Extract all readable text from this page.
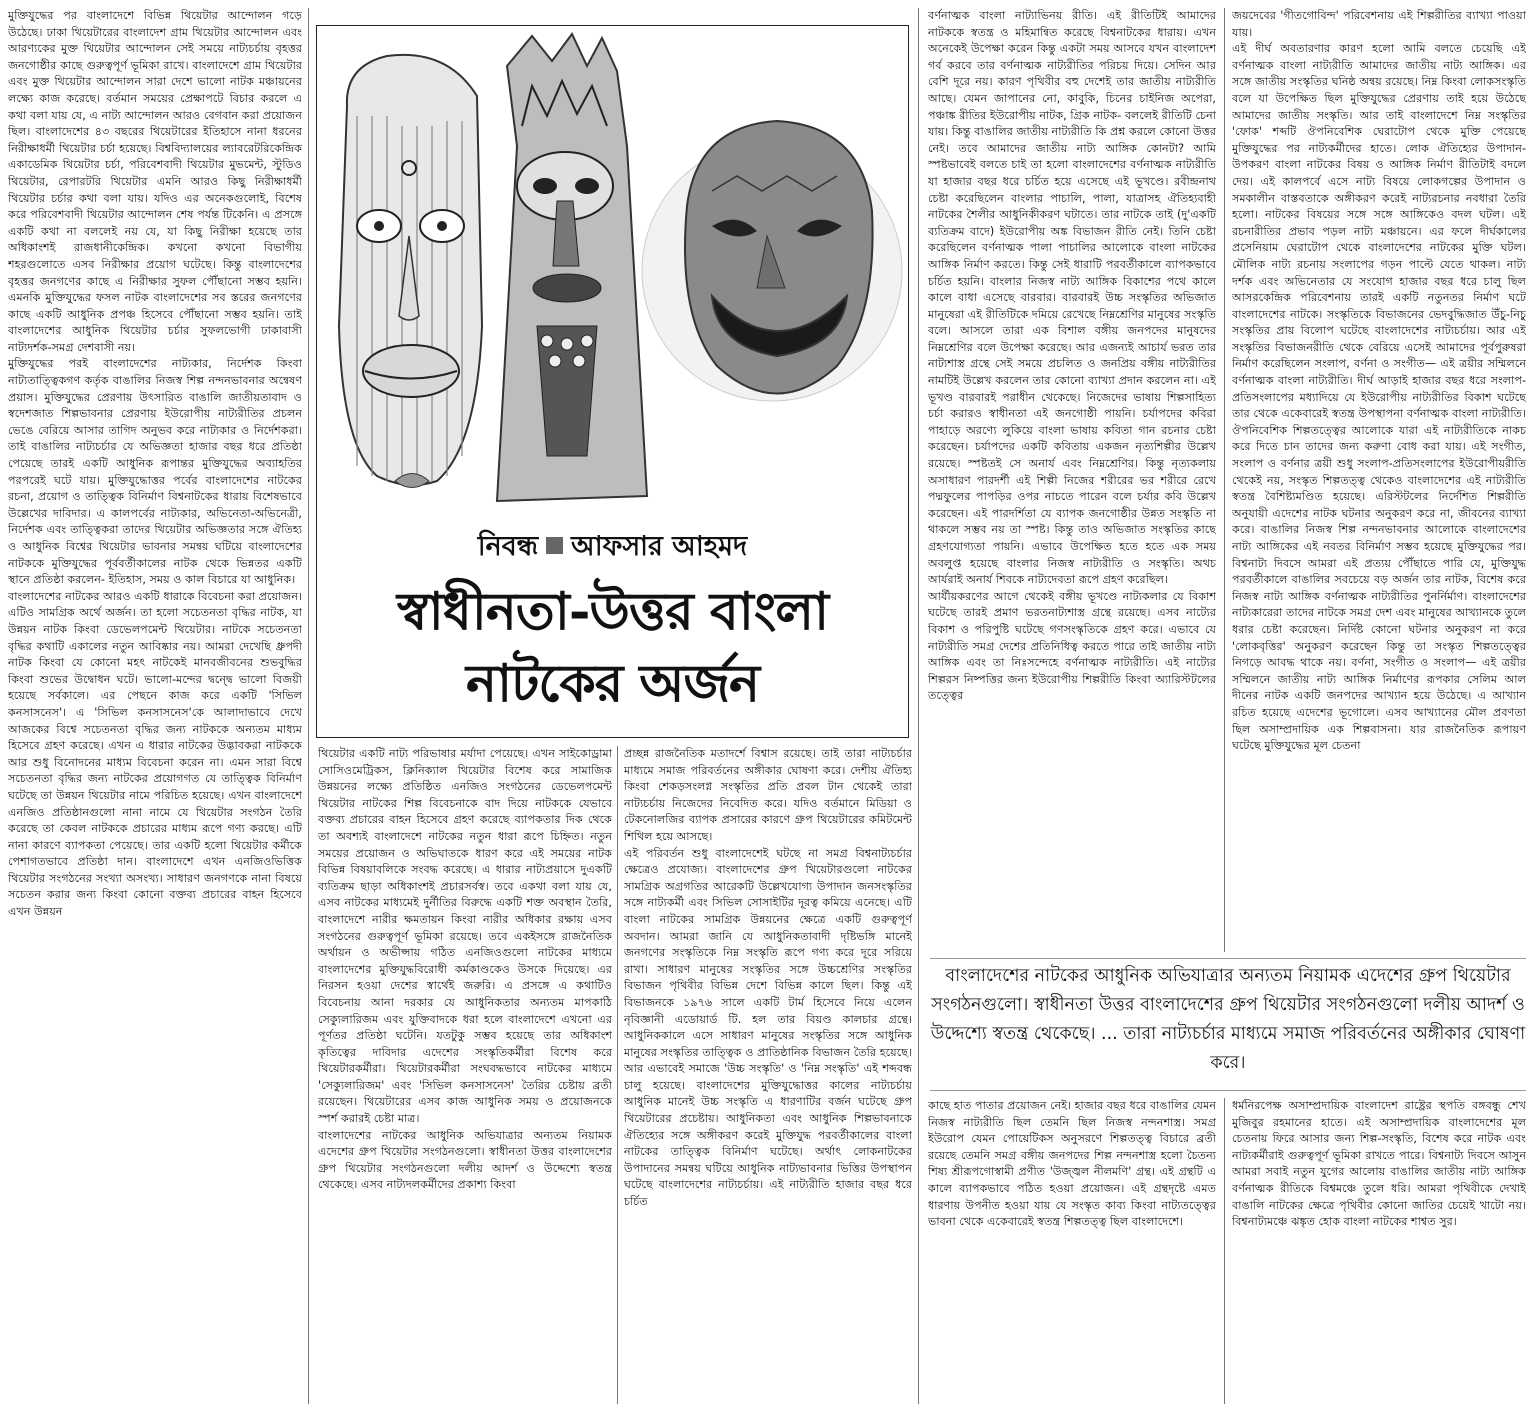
মুক্তিযুদ্ধের পর বাংলাদেশে বিভিন্ন থিয়েটার আন্দোলন গড়ে উঠেছে। ঢাকা থিয়েটারের বাংলাদেশ গ্রাম থিয়েটার আন্দোলন এবং আরণ্যকের মুক্ত থিয়েটার আন্দোলন সেই সময়ে নাট্যচর্চায় বৃহত্তর জনগোষ্ঠীর কাছে গুরুত্বপূর্ণ ভূমিকা রাখে। বাংলাদেশে গ্রাম থিয়েটার এবং মুক্ত থিয়েটার আন্দোলন সারা দেশে ভালো নাটক মঞ্চায়নের লক্ষ্যে কাজ করেছে। বর্তমান সময়ের প্রেক্ষাপটে বিচার করলে এ কথা বলা যায় যে, এ নাট্য আন্দোলন আরও বেগবান করা প্রয়োজন ছিল। বাংলাদেশের ৪৩ বছরের থিয়েটারের ইতিহাসে নানা ধরনের নিরীক্ষাধর্মী থিয়েটার চর্চা হয়েছে। বিশ্ববিদ্যালয়ের ল্যাবরেটরিকেন্দ্রিক একাডেমিক থিয়েটার চর্চা, পরিবেশবাদী থিয়েটার মুভমেন্ট, স্টুডিও থিয়েটার, রেপারটরি থিয়েটার এমনি আরও কিছু নিরীক্ষাধর্মী থিয়েটার চর্চার কথা বলা যায়। যদিও এর অনেকগুলোই, বিশেষ করে পরিবেশবাদী থিয়েটার আন্দোলন শেষ পর্যন্ত টিকেনি। এ প্রসঙ্গে একটি কথা না বললেই নয় যে, যা কিছু নিরীক্ষা হয়েছে তার অধিকাংশই রাজধানীকেন্দ্রিক। কখনো কখনো বিভাগীয় শহরগুলোতে এসব নিরীক্ষার প্রয়োগ ঘটেছে। কিন্তু বাংলাদেশের বৃহত্তর জনগণের কাছে এ নিরীক্ষার সুফল পৌঁছানো সম্ভব হয়নি। এমনকি মুক্তিযুদ্ধের ফসল নাটক বাংলাদেশের সব স্তরের জনগণের কাছে একটি আধুনিক প্রপঞ্চ হিসেবে পৌঁছানো সম্ভব হয়নি। তাই বাংলাদেশের আধুনিক থিয়েটার চর্চার সুফলভোগী ঢাকাবাসী নাট্যদর্শক-সমগ্র দেশবাসী নয়।

মুক্তিযুদ্ধের পরই বাংলাদেশের নাট্যকার, নির্দেশক কিংবা নাট্যতাত্ত্বিকগণ কর্তৃক বাঙালির নিজস্ব শিল্প নন্দনভাবনার অন্বেষণ প্রয়াস। মুক্তিযুদ্ধের প্রেরণায় উৎসারিত বাঙালি জাতীয়তাবাদ ও স্বদেশজাত শিল্পভাবনার প্রেরণায় ইউরোপীয় নাট্যরীতির প্রচলন ভেঙে বেরিয়ে আসার তাগিদ অনুভব করে নাট্যকার ও নির্দেশকরা। তাই বাঙালির নাট্যচর্চার যে অভিজ্ঞতা হাজার বছর ধরে প্রতিষ্ঠা পেয়েছে তারই একটি আধুনিক রূপান্তর মুক্তিযুদ্ধের অব্যাহতির পরপরেই ঘটে যায়। মুক্তিযুদ্ধোত্তর পর্বের বাংলাদেশের নাটকের রচনা, প্রয়োগ ও তাত্ত্বিক বিনির্মাণ বিশ্বনাটকের ধারায় বিশেষভাবে উল্লেখের দাবিদার। এ কালপর্বের নাট্যকার, অভিনেতা-অভিনেত্রী, নির্দেশক এবং তাত্ত্বিকরা তাদের থিয়েটার অভিজ্ঞতার সঙ্গে ঐতিহ্য ও আধুনিক বিশ্বের থিয়েটার ভাবনার সমন্বয় ঘটিয়ে বাংলাদেশের নাটককে মুক্তিযুদ্ধের পূর্ববর্তীকালের নাটক থেকে ভিন্নতর একটি স্থানে প্রতিষ্ঠা করলেন- ইতিহাস, সময় ও কাল বিচারে যা আধুনিক।

বাংলাদেশের নাটকের আরও একটি ধারাকে বিবেচনা করা প্রয়োজন। এটিও সামগ্রিক অর্থে অর্জন। তা হলো সচেতনতা বৃদ্ধির নাটক, যা উন্নয়ন নাটক কিংবা ডেভেলপমেন্ট থিয়েটার। নাটকে সচেতনতা বৃদ্ধির কথাটি একালের নতুন আবিষ্কার নয়। আমরা দেখেছি ধ্রুপদী নাটক কিংবা যে কোনো মহৎ নাটকেই মানবজীবনের শুভবুদ্ধির কিংবা শুভের উদ্বোধন ঘটে। ভালো-মন্দের দ্বন্দ্বে ভালো বিজয়ী হয়েছে সর্বকালে। এর পেছনে কাজ করে একটি 'সিভিল কনসাসনেস'। এ 'সিভিল কনসাসনেস'কে আলাদাভাবে দেখে আজকের বিশ্বে সচেতনতা বৃদ্ধির জন্য নাটককে অন্যতম মাধ্যম হিসেবে গ্রহণ করেছে। এখন এ ধারার নাটকের উদ্ভাবকরা নাটককে আর শুধু বিনোদনের মাধ্যম বিবেচনা করেন না। এমন সারা বিশ্বে সচেতনতা বৃদ্ধির জন্য নাটকের প্রয়োগগত যে তাত্ত্বিক বিনির্মাণ ঘটেছে তা উন্নয়ন থিয়েটার নামে পরিচিত হয়েছে। এখন বাংলাদেশে এনজিও প্রতিষ্ঠানগুলো নানা নামে যে থিয়েটার সংগঠন তৈরি করেছে তা কেবল নাটককে প্রচারের মাধ্যম রূপে গণ্য করছে। এটি নানা কারণে ব্যাপকতা পেয়েছে। তার একটি হলো থিয়েটার কর্মীকে পেশাগতভাবে প্রতিষ্ঠা দান। বাংলাদেশে এখন এনজিওভিত্তিক থিয়েটার সংগঠনের সংখ্যা অসংখ্য। সাধারণ জনগণকে নানা বিষয়ে সচেতন করার জন্য কিংবা কোনো বক্তব্য প্রচারের বাহন হিসেবে এখন উন্নয়ন

নিবন্ধ আফসার আহমদ
স্বাধীনতা-উত্তর বাংলা
নাটকের অর্জন

থিয়েটার একটি নাট্য পরিভাষার মর্যাদা পেয়েছে। এখন সাইকোড্রামা সোসিওমেট্রিকস, ক্লিনিক্যাল থিয়েটার বিশেষ করে সামাজিক উন্নয়নের লক্ষ্যে প্রতিষ্ঠিত এনজিও সংগঠনের ডেভেলপমেন্ট থিয়েটার নাটকের শিল্প বিবেচনাকে বাদ দিয়ে নাটককে যেভাবে বক্তব্য প্রচারের বাহন হিসেবে গ্রহণ করেছে ব্যাপকতার দিক থেকে তা অবশ্যই বাংলাদেশে নাটকের নতুন ধারা রূপে চিহ্নিত। নতুন সময়ের প্রয়োজন ও অভিঘাতকে ধারণ করে এই সময়ের নাটক বিভিন্ন বিষয়াবলিকে সংবদ্ধ করেছে। এ ধারার নাট্যপ্রয়াসে দুএকটি ব্যতিক্রম ছাড়া অধিকাংশই প্রচারসর্বস্ব। তবে একথা বলা যায় যে, এসব নাটকের মাধ্যমেই দুর্নীতির বিরুদ্ধে একটি শক্ত অবস্থান তৈরি, বাংলাদেশে নারীর ক্ষমতায়ন কিংবা নারীর অধিকার রক্ষায় এসব সংগঠনের গুরুত্বপূর্ণ ভূমিকা রয়েছে। তবে একইসঙ্গে রাজনৈতিক অর্থায়ন ও অভীপ্সায় গঠিত এনজিওগুলো নাটকের মাধ্যমে বাংলাদেশের মুক্তিযুদ্ধবিরোধী কর্মকাণ্ডকেও উসকে দিয়েছে। এর নিরসন হওয়া দেশের স্বার্থেই জরুরি। এ প্রসঙ্গে এ কথাটিও বিবেচনায় আনা দরকার যে আধুনিকতার অন্যতম মাপকাঠি সেক্যুলারিজম এবং যুক্তিবাদকে ধরা হলে বাংলাদেশে এখনো এর পূর্ণতর প্রতিষ্ঠা ঘটেনি। যতটুকু সম্ভব হয়েছে তার অধিকাংশ কৃতিত্বের দাবিদার এদেশের সংস্কৃতিকর্মীরা বিশেষ করে থিয়েটারকর্মীরা। থিয়েটারকর্মীরা সংঘবদ্ধভাবে নাটকের মাধ্যমে 'সেক্যুলারিজম' এবং 'সিভিল কনসাসনেস' তৈরির চেষ্টায় ব্রতী রয়েছেন। থিয়েটারের এসব কাজ আধুনিক সময় ও প্রয়োজনকে স্পর্শ করারই চেষ্টা মাত্র।

বাংলাদেশের নাটকের আধুনিক অভিযাত্রার অন্যতম নিয়ামক এদেশের গ্রুপ থিয়েটার সংগঠনগুলো। স্বাধীনতা উত্তর বাংলাদেশের গ্রুপ থিয়েটার সংগঠনগুলো দলীয় আদর্শ ও উদ্দেশ্যে স্বতন্ত্র থেকেছে। এসব নাট্যদলকর্মীদের প্রকাশ্য কিংবা

প্রচ্ছন্ন রাজনৈতিক মতাদর্শে বিশ্বাস রয়েছে। তাই তারা নাট্যচর্চার মাধ্যমে সমাজ পরিবর্তনের অঙ্গীকার ঘোষণা করে। দেশীয় ঐতিহ্য কিংবা শেকড়সংলগ্ন সংস্কৃতির প্রতি প্রবল টান থেকেই তারা নাট্যচর্চায় নিজেদের নিবেদিত করে। যদিও বর্তমানে মিডিয়া ও টেকনোলজির ব্যাপক প্রসারের কারণে গ্রুপ থিয়েটারের কমিটমেন্ট শিথিল হয়ে আসছে।

এই পরিবর্তন শুধু বাংলাদেশেই ঘটছে না সমগ্র বিশ্বনাট্যচর্চার ক্ষেত্রেও প্রযোজ্য। বাংলাদেশের গ্রুপ থিয়েটারগুলো নাটকের সামগ্রিক অগ্রগতির আরেকটি উল্লেখযোগ্য উপাদান জনসংস্কৃতির সঙ্গে নাট্যকর্মী এবং সিভিল সোসাইটির দূরত্ব কমিয়ে এনেছে। এটি বাংলা নাটকের সামগ্রিক উন্নয়নের ক্ষেত্রে একটি গুরুত্বপূর্ণ অবদান। আমরা জানি যে আধুনিকতাবাদী দৃষ্টিভঙ্গি মানেই জনগণের সংস্কৃতিকে নিম্ন সংস্কৃতি রূপে গণ্য করে দূরে সরিয়ে রাখা। সাধারণ মানুষের সংস্কৃতির সঙ্গে উচ্চশ্রেণির সংস্কৃতির বিভাজন পৃথিবীর বিভিন্ন দেশে বিভিন্ন কালে ছিল। কিন্তু এই বিভাজনকে ১৯৭৬ সালে একটি টার্ম হিসেবে নিয়ে এলেন নৃবিজ্ঞানী এডোয়ার্ড টি. হল তার বিয়ণ্ড কালচার গ্রন্থে। আধুনিককালে এসে সাধারণ মানুষের সংস্কৃতির সঙ্গে আধুনিক মানুষের সংস্কৃতির তাত্ত্বিক ও প্রাতিষ্ঠানিক বিভাজন তৈরি হয়েছে। আর এভাবেই সমাজে 'উচ্চ সংস্কৃতি' ও 'নিম্ন সংস্কৃতি' এই শব্দবন্ধ চালু হয়েছে। বাংলাদেশের মুক্তিযুদ্ধোত্তর কালের নাট্যচর্চায় আধুনিক মানেই উচ্চ সংস্কৃতি এ ধারণাটির বর্জন ঘটেছে গ্রুপ থিয়েটারের প্রচেষ্টায়। আধুনিকতা এবং আধুনিক শিল্পভাবনাকে ঐতিহ্যের সঙ্গে অঙ্গীকরণ করেই মুক্তিযুদ্ধ পরবর্তীকালের বাংলা নাটকের তাত্ত্বিক বিনির্মাণ ঘটেছে। অর্থাৎ লোকনাটকের উপাদানের সমন্বয় ঘটিয়ে আধুনিক নাট্যভাবনার ভিত্তির উপস্থাপন ঘটেছে বাংলাদেশের নাট্যচর্চায়। এই নাট্যরীতি হাজার বছর ধরে চর্চিত

বর্ণনাত্মক বাংলা নাট্যাভিনয় রীতি। এই রীতিটিই আমাদের নাটককে স্বতন্ত্র ও মহিমান্বিত করেছে বিশ্বনাটকের ধারায়। এখন অনেকেই উপেক্ষা করেন কিন্তু একটা সময় আসবে যখন বাংলাদেশ গর্ব করবে তার বর্ণনাত্মক নাট্যরীতির পরিচয় দিয়ে। সেদিন আর বেশি দূরে নয়। কারণ পৃথিবীর বহু দেশেই তার জাতীয় নাট্যরীতি আছে। যেমন জাপানের নো, কাবুকি, চিনের চাইনিজ অপেরা, পঞ্চাঙ্ক রীতির ইউরোপীয় নাটক, গ্রিক নাটক- বললেই রীতিটি চেনা যায়। কিন্তু বাঙালির জাতীয় নাট্যরীতি কি প্রশ্ন করলে কোনো উত্তর নেই। তবে আমাদের জাতীয় নাট্য আঙ্গিক কোনটা? আমি স্পষ্টভাবেই বলতে চাই তা হলো বাংলাদেশের বর্ণনাত্মক নাট্যরীতি যা হাজার বছর ধরে চর্চিত হয়ে এসেছে এই ভূখণ্ডে। রবীন্দ্রনাথ চেষ্টা করেছিলেন বাংলার পাচালি, পালা, যাত্রাসহ ঐতিহ্যবাহী নাটকের শৈলীর আধুনিকীকরণ ঘটাতে। তার নাটকে তাই (দু'একটি ব্যতিক্রম বাদে) ইউরোপীয় অঙ্ক বিভাজন রীতি নেই। তিনি চেষ্টা করেছিলেন বর্ণনাত্মক পালা পাচালির আলোকে বাংলা নাটকের আঙ্গিক নির্মাণ করতে। কিন্তু সেই ধারাটি পরবর্তীকালে ব্যাপকভাবে চর্চিত হয়নি। বাংলার নিজস্ব নাট্য আঙ্গিক বিকাশের পথে কালে কালে বাধা এসেছে বারবার। বারবারই উচ্চ সংস্কৃতির অভিজাত মানুষেরা এই রীতিটিকে দমিয়ে রেখেছে নিম্নশ্রেণির মানুষের সংস্কৃতি বলে। আসলে তারা এক বিশাল বঙ্গীয় জনপদের মানুষদের নিম্নশ্রেণির বলে উপেক্ষা করেছে। আর এজন্যই আচার্য ভরত তার নাট্যশাস্ত্র গ্রন্থে সেই সময়ে প্রচলিত ও জনপ্রিয় বঙ্গীয় নাট্যরীতির নামটিই উল্লেখ করলেন তার কোনো ব্যাখ্যা প্রদান করলেন না। এই ভূখণ্ড বারবারই পরাধীন থেকেছে। নিজেদের ভাষায় শিল্পসাহিত্য চর্চা করারও স্বাধীনতা এই জনগোষ্ঠী পায়নি। চর্যাপদের কবিরা পাহাড়ে অরণ্যে লুকিয়ে বাংলা ভাষায় কবিতা গান রচনার চেষ্টা করেছেন। চর্যাপদের একটি কবিতায় একজন নৃত্যশিল্পীর উল্লেখ রয়েছে। স্পষ্টতই সে অনার্য এবং নিম্নশ্রেণির। কিন্তু নৃত্যকলায় অসাধারণ পারদর্শী এই শিল্পী নিজের শরীরের ভর শরীরে রেখে পদ্মফুলের পাপড়ির ওপর নাচতে পারেন বলে চর্যার কবি উল্লেখ করেছেন। এই পারদর্শিতা যে ব্যাপক জনগোষ্ঠীর উন্নত সংস্কৃতি না থাকলে সম্ভব নয় তা স্পষ্ট। কিন্তু তাও অভিজাত সংস্কৃতির কাছে গ্রহণযোগ্যতা পায়নি। এভাবে উপেক্ষিত হতে হতে এক সময় অবলুপ্ত হয়েছে বাংলার নিজস্ব নাট্যরীতি ও সংস্কৃতি। অথচ আর্যরাই অনার্য শিবকে নাট্যদেবতা রূপে গ্রহণ করেছিল।

আর্যীয়করণের আগে থেকেই বঙ্গীয় ভূখণ্ডে নাট্যকলার যে বিকাশ ঘটেছে তারই প্রমাণ ভরতনাট্যশাস্ত্র গ্রন্থে রয়েছে। এসব নাট্যের বিকাশ ও পরিপুষ্টি ঘটেছে গণসংস্কৃতিকে গ্রহণ করে। এভাবে যে নাট্যরীতি সমগ্র দেশের প্রতিনিধিত্ব করতে পারে তাই জাতীয় নাট্য আঙ্গিক এবং তা নিঃসন্দেহে বর্ণনাত্মক নাট্যরীতি। এই নাট্যের শিল্পরস নিষ্পত্তির জন্য ইউরোপীয় শিল্পরীতি কিংবা অ্যারিস্টটলের তত্ত্বের

জয়দেবের 'গীতগোবিন্দ' পরিবেশনায় এই শিল্পরীতির ব্যাখ্যা পাওয়া যায়।

এই দীর্ঘ অবতারণার কারণ হলো আমি বলতে চেয়েছি এই বর্ণনাত্মক বাংলা নাট্যরীতি আমাদের জাতীয় নাট্য আঙ্গিক। এর সঙ্গে জাতীয় সংস্কৃতির ঘনিষ্ঠ অন্বয় রয়েছে। নিম্ন কিংবা লোকসংস্কৃতি বলে যা উপেক্ষিত ছিল মুক্তিযুদ্ধের প্রেরণায় তাই হয়ে উঠেছে আমাদের জাতীয় সংস্কৃতি। আর তাই বাংলাদেশে নিম্ন সংস্কৃতির 'ফোক' শব্দটি ঔপনিবেশিক ঘেরাটোপ থেকে মুক্তি পেয়েছে মুক্তিযুদ্ধের পর নাট্যকর্মীদের হাতে। লোক ঐতিহ্যের উপাদান-উপকরণ বাংলা নাটকের বিষয় ও আঙ্গিক নির্মাণ রীতিটাই বদলে দেয়। এই কালপর্বে এসে নাট্য বিষয়ে লোকগল্পের উপাদান ও সমকালীন বাস্তবতাকে অঙ্গীকরণ করেই নাট্যরচনার নবধারা তৈরি হলো। নাটকের বিষয়ের সঙ্গে সঙ্গে আঙ্গিকেও বদল ঘটল। এই রচনারীতির প্রভাব পড়ল নাট্য মঞ্চায়নে। এর ফলে দীর্ঘকালের প্রসেনিয়াম ঘেরাটোপ থেকে বাংলাদেশের নাটকের মুক্তি ঘটল। মৌলিক নাট্য রচনায় সংলাপের গড়ন পাল্টে যেতে থাকল। নাট্য দর্শক এবং অভিনেতার যে সংযোগ হাজার বছর ধরে চালু ছিল আসরকেন্দ্রিক পরিবেশনায় তারই একটি নতুনতর নির্মাণ ঘটে বাংলাদেশের নাটকে। সংস্কৃতিকে বিভাজনের ভেদবুদ্ধিজাত উঁচু-নিচু সংস্কৃতির প্রায় বিলোপ ঘটেছে বাংলাদেশের নাট্যচর্চায়। আর এই সংস্কৃতির বিভাজনরীতি থেকে বেরিয়ে এসেই আমাদের পূর্বপুরুষরা নির্মাণ করেছিলেন সংলাপ, বর্ণনা ও সংগীত— এই ত্রয়ীর সম্মিলনে বর্ণনাত্মক বাংলা নাট্যরীতি। দীর্ঘ আড়াই হাজার বছর ধরে সংলাপ-প্রতিসংলাপের মধ্যাদিয়ে যে ইউরোপীয় নাট্যরীতির বিকাশ ঘটেছে তার থেকে একেবারেই স্বতন্ত্র উপস্থাপনা বর্ণনাত্মক বাংলা নাট্যরীতি। ঔপনিবেশিক শিল্পতত্ত্বের আলোকে যারা এই নাট্যরীতিকে নাকচ করে দিতে চান তাদের জন্য করুণা বোধ করা যায়। এই সংগীত, সংলাপ ও বর্ণনার ত্রয়ী শুধু সংলাপ-প্রতিসংলাপের ইউরোপীয়রীতি থেকেই নয়, সংস্কৃত শিল্পতত্ত্ব থেকেও বাংলাদেশের এই নাট্যরীতি স্বতন্ত্র বৈশিষ্ট্যমণ্ডিত হয়েছে। এরিস্টটলের নির্দেশিত শিল্পরীতি অনুযায়ী এদেশের নাটক ঘটনার অনুকরণ করে না, জীবনের ব্যাখ্যা করে। বাঙালির নিজস্ব শিল্প নন্দনভাবনার আলোকে বাংলাদেশের নাট্য আঙ্গিকের এই নবতর বিনির্মাণ সম্ভব হয়েছে মুক্তিযুদ্ধের পর। বিশ্বনাট্য দিবসে আমরা এই প্রত্যয় পৌঁছাতে পারি যে, মুক্তিযুদ্ধ পরবর্তীকালে বাঙালির সবচেয়ে বড় অর্জন তার নাটক, বিশেষ করে নিজস্ব নাট্য আঙ্গিক বর্ণনাত্মক নাট্যরীতির পুনর্নির্মাণ। বাংলাদেশের নাট্যকারেরা তাদের নাটকে সমগ্র দেশ এবং মানুষের আখ্যানকে তুলে ধরার চেষ্টা করেছেন। নির্দিষ্ট কোনো ঘটনার অনুকরণ না করে 'লোকবৃত্তির' অনুকরণ করেছেন কিন্তু তা সংস্কৃত শিল্পতত্ত্বের নিগড়ে আবদ্ধ থাকে নয়। বর্ণনা, সংগীত ও সংলাপ— এই ত্রয়ীর সম্মিলনে জাতীয় নাট্য আঙ্গিক নির্মাণের রূপকার সেলিম আল দীনের নাটক একটি জনপদের আখ্যান হয়ে উঠেছে। এ আখ্যান রচিত হয়েছে এদেশের ভূগোলে। এসব আখ্যানের মৌল প্রবণতা ছিল অসাম্প্রদায়িক এক শিল্পবাসনা। যার রাজনৈতিক রূপায়ণ ঘটেছে মুক্তিযুদ্ধের মূল চেতনা

বাংলাদেশের নাটকের আধুনিক অভিযাত্রার অন্যতম নিয়ামক এদেশের গ্রুপ থিয়েটার সংগঠনগুলো। স্বাধীনতা উত্তর বাংলাদেশের গ্রুপ থিয়েটার সংগঠনগুলো দলীয় আদর্শ ও উদ্দেশ্যে স্বতন্ত্র থেকেছে। ... তারা নাট্যচর্চার মাধ্যমে সমাজ পরিবর্তনের অঙ্গীকার ঘোষণা করে।

কাছে হাত পাতার প্রয়োজন নেই। হাজার বছর ধরে বাঙালির যেমন নিজস্ব নাট্যরীতি ছিল তেমনি ছিল নিজস্ব নন্দনশাস্ত্র। সমগ্র ইউরোপ যেমন পোয়েটিকস অনুসরণে শিল্পতত্ত্ব বিচারে ব্রতী রয়েছে তেমনি সমগ্র বঙ্গীয় জনপদের শিল্প নন্দনশাস্ত্র হলো চৈতন্য শিষ্য শ্রীরূপগোস্বামী প্রণীত 'উজ্জ্বল নীলমণি' গ্রন্থ। এই গ্রন্থটি এ কালে ব্যাপকভাবে পঠিত হওয়া প্রয়োজন। এই গ্রন্থদৃষ্টে এমত ধারণায় উপনীত হওয়া যায় যে সংস্কৃত কাব্য কিংবা নাট্যতত্ত্বের ভাবনা থেকে একেবারেই স্বতন্ত্র শিল্পতত্ত্ব ছিল বাংলাদেশে।

ধর্মনিরপেক্ষ অসাম্প্রদায়িক বাংলাদেশ রাষ্ট্রের স্থপতি বঙ্গবন্ধু শেখ মুজিবুর রহমানের হাতে। এই অসাম্প্রদায়িক বাংলাদেশের মূল চেতনায় ফিরে আসার জন্য শিল্প-সংস্কৃতি, বিশেষ করে নাটক এবং নাট্যকর্মীরাই গুরুত্বপূর্ণ ভূমিকা রাখতে পারে। বিশ্বনাট্য দিবসে আসুন আমরা সবাই নতুন যুগের আলোয় বাঙালির জাতীয় নাট্য আঙ্গিক বর্ণনাত্মক রীতিকে বিশ্বমঞ্চে তুলে ধরি। আমরা পৃথিবীকে দেখাই বাঙালি নাটকের ক্ষেত্রে পৃথিবীর কোনো জাতির চেয়েই খাটো নয়। বিশ্বনাট্যমঞ্চে ঝঙ্কৃত হোক বাংলা নাটকের শাশ্বত সুর।
